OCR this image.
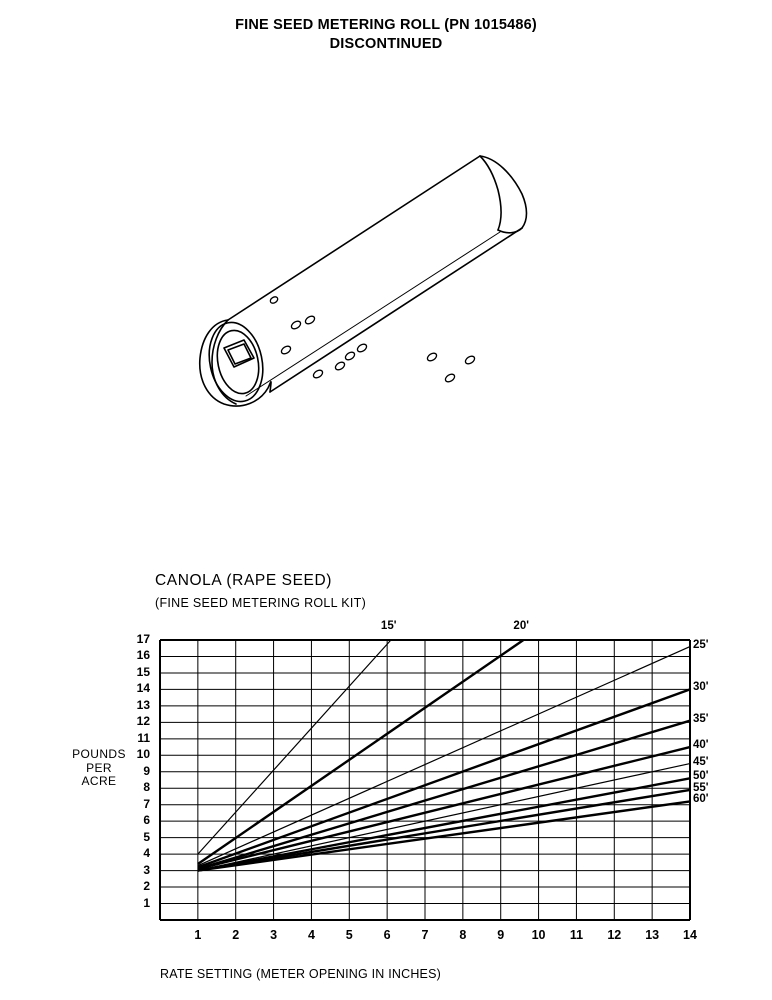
FINE SEED METERING ROLL (PN 1015486)
DISCONTINUED
CANOLA (RAPE SEED)
(FINE SEED METERING ROLL KIT)
POUNDS
PER
ACRE
RATE SETTING (METER OPENING IN INCHES)
1
2
3
4
5
6
7
8
9
10
11
12
13
14
15
16
17
1	2	3	4	5	6	7	8	9	10	11	12	13	14
15'	20'
25'
30'
35'
40'
45'
50'
55'
60'
